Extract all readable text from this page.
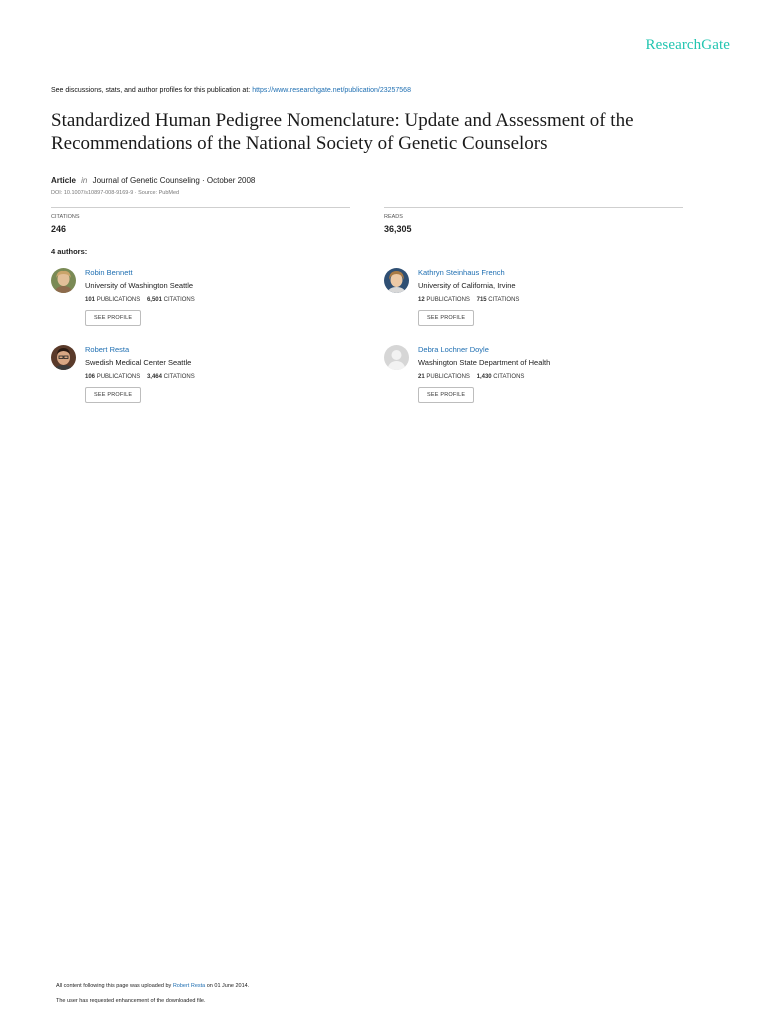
ResearchGate
See discussions, stats, and author profiles for this publication at: https://www.researchgate.net/publication/23257568
Standardized Human Pedigree Nomenclature: Update and Assessment of the Recommendations of the National Society of Genetic Counselors
Article in Journal of Genetic Counseling · October 2008
DOI: 10.1007/s10897-008-9169-9 · Source: PubMed
CITATIONS
246
READS
36,305
4 authors:
Robin Bennett
University of Washington Seattle
101 PUBLICATIONS 6,501 CITATIONS
SEE PROFILE
Kathryn Steinhaus French
University of California, Irvine
12 PUBLICATIONS 715 CITATIONS
SEE PROFILE
Robert Resta
Swedish Medical Center Seattle
106 PUBLICATIONS 3,464 CITATIONS
SEE PROFILE
Debra Lochner Doyle
Washington State Department of Health
21 PUBLICATIONS 1,430 CITATIONS
SEE PROFILE
All content following this page was uploaded by Robert Resta on 01 June 2014.
The user has requested enhancement of the downloaded file.
